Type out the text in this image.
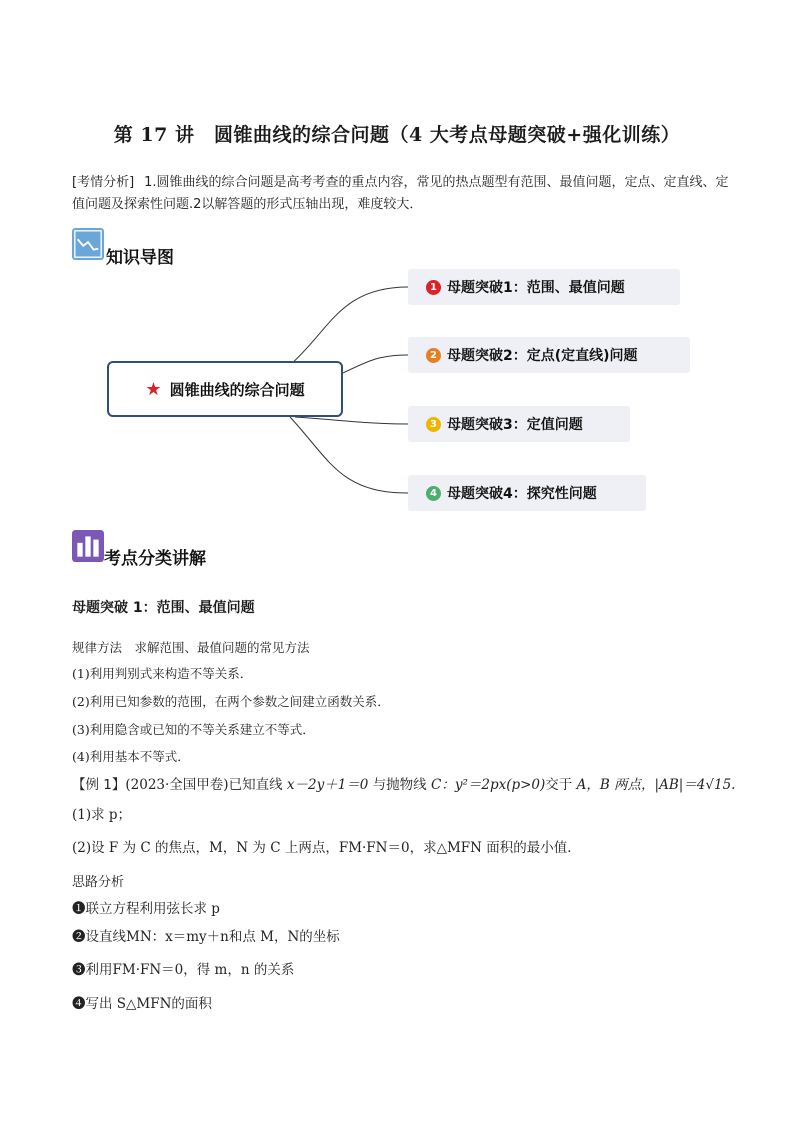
第 17 讲　圆锥曲线的综合问题（4 大考点母题突破+强化训练）
[考情分析] 1.圆锥曲线的综合问题是高考考查的重点内容，常见的热点题型有范围、最值问题，定点、定直线、定值问题及探索性问题.2以解答题的形式压轴出现，难度较大．
知识导图
★ 圆锥曲线的综合问题
1 母题突破1：范围、最值问题
2 母题突破2：定点(定直线)问题
3 母题突破3：定值问题
4 母题突破4：探究性问题
考点分类讲解
母题突破 1：范围、最值问题
规律方法　求解范围、最值问题的常见方法
(1)利用判别式来构造不等关系．
(2)利用已知参数的范围，在两个参数之间建立函数关系．
(3)利用隐含或已知的不等关系建立不等式．
(4)利用基本不等式．
【例 1】(2023·全国甲卷)已知直线 x－2y＋1＝0 与抛物线 C：y²＝2px(p>0)交于 A，B 两点，|AB|＝4√15.
(1)求 p；
(2)设 F 为 C 的焦点，M，N 为 C 上两点，FM·FN＝0，求△MFN 面积的最小值．
思路分析
❶联立方程利用弦长求 p
❷设直线MN：x＝my＋n和点 M，N的坐标
❸利用FM·FN＝0，得 m，n 的关系
❹写出 S△MFN的面积
